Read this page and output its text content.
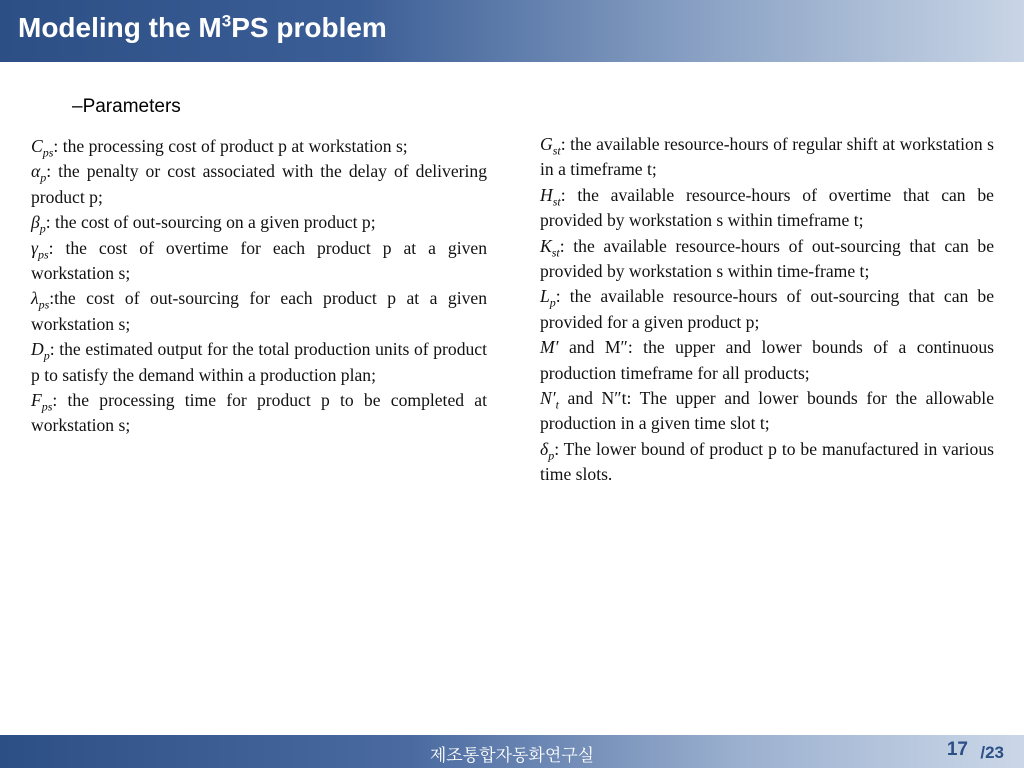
Modeling the $M^3PS$ problem
–Parameters

$C_{ps}$: the processing cost of product p at workstation s;

$\alpha_p$: the penalty or cost associated with the delay of delivering product p;

$\beta_p$: the cost of out-sourcing on a given product p;

$\gamma_{ps}$: the cost of overtime for each product p at a given workstation s;

$\lambda_{ps}:the$ cost of out-sourcing for each product p at a given workstation s;

$D_p$: the estimated output for the total production units of product p to satisfy the demand within a production plan;

$F_{ps}$: the processing time for product p to be completed at workstation s;

$G_{st}$: the available resource-hours of regular shift at workstation s in a timeframe t;

$H_{st}$: the available resource-hours of overtime that can be provided by workstation s within timeframe t;

$K_{st}$: the available resource-hours of out-sourcing that can be provided by workstation s within time-frame t;

$L_p$: the available resource-hours of out-sourcing that can be provided for a given product p;

M′ and M″: the upper and lower bounds of a continuous production timeframe for all products;

$N'_t$ and N″t: The upper and lower bounds for the allowable production in a given time slot t;

$\delta_p$: The lower bound of product p to be manufactured in various time slots.

제조통합자동화연구실	17 /23
